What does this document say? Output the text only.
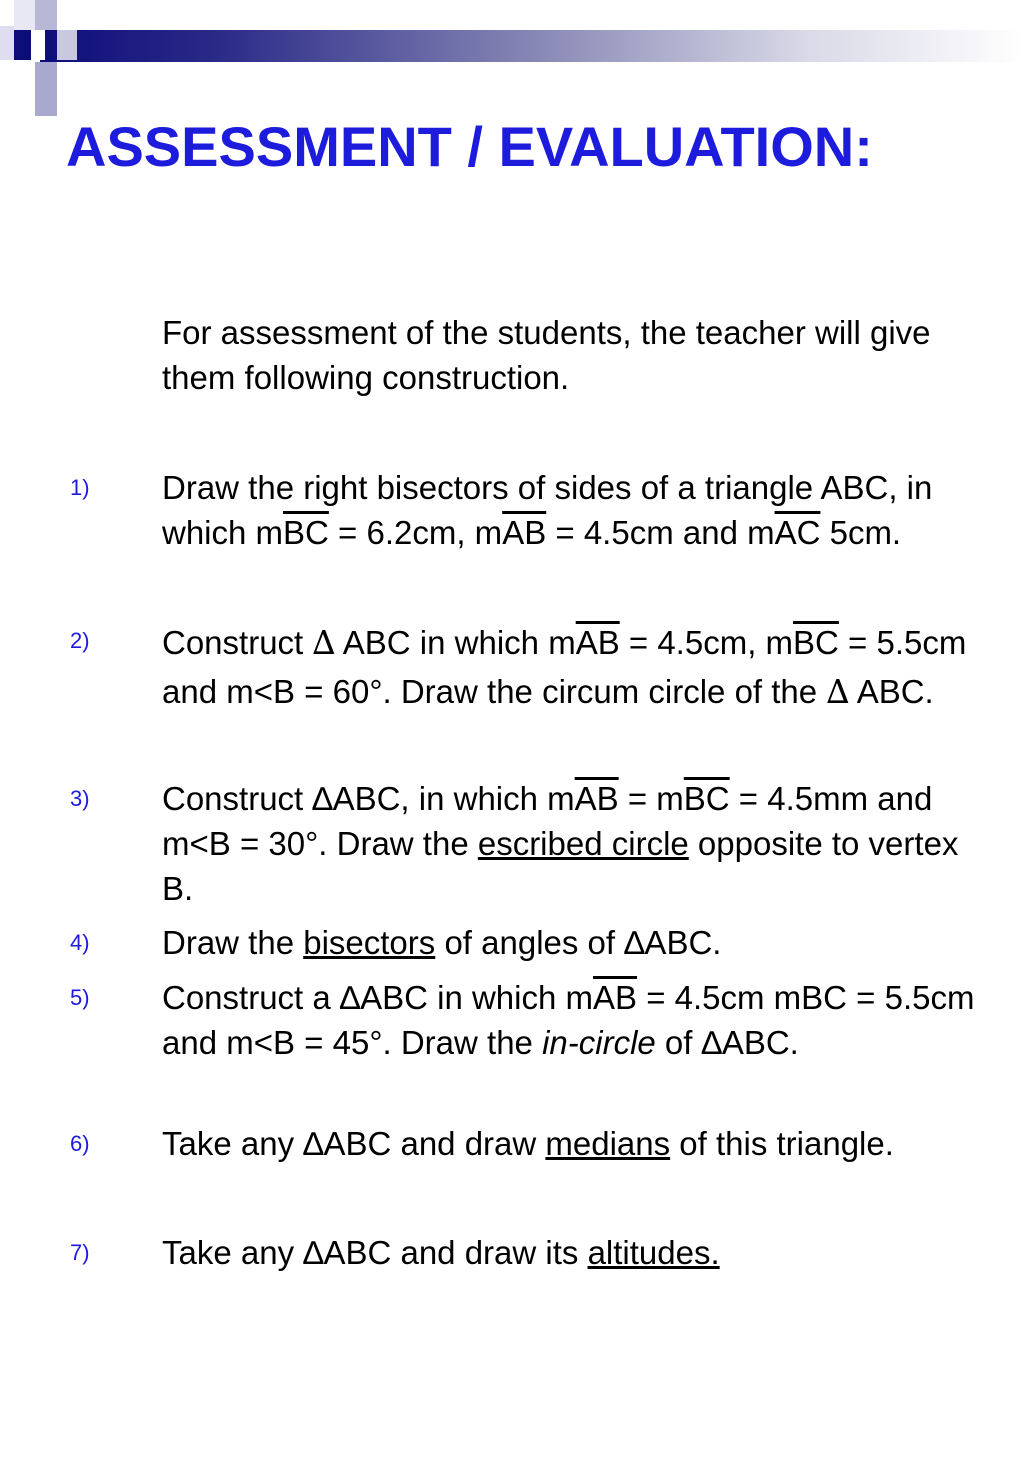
ASSESSMENT / EVALUATION:

For assessment of the students, the teacher will give them following construction.

1) Draw the right bisectors of sides of a triangle ABC, in which $m\overline{BC} = 6.2cm$, $m\overline{AB} = 4.5cm$ and $m\overline{AC}$ 5cm.

2) Construct ∆ ABC in which $m\overline{AB} = 4.5cm$, $m\overline{BC} = 5.5cm$ and m<B = 60°. Draw the circum circle of the ∆ ABC.

3) Construct ∆ABC, in which $m\overline{AB} = m\overline{BC} = 4.5mm$ and m<B = 30°. Draw the escribed circle opposite to vertex B.

4) Draw the bisectors of angles of ∆ABC.

5) Construct a ∆ABC in which $m\overline{AB} = 4.5cm$ mBC = 5.5cm and m<B = 45°. Draw the in-circle of ∆ABC.

6) Take any ∆ABC and draw medians of this triangle.

7) Take any ∆ABC and draw its altitudes.
